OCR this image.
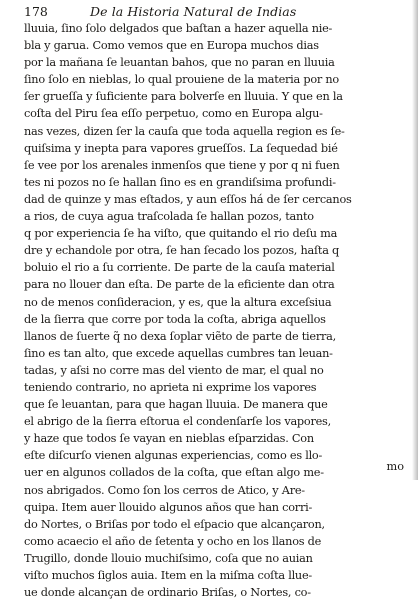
178	De la Historia Natural de Indias
lluuia, ſino ſolo delgados que baſtan a hazer aquella nie-
bla y garua. Como vemos que en Europa muchos dias
por la mañana ſe leuantan bahos, que no paran en lluuia
ſino ſolo en nieblas, lo qual prouiene de la materia por no
ſer grueſſa y ſuficiente para bolverſe en lluuia. Y que en la
coſta del Piru ſea eſſo perpetuo, como en Europa algu-
nas vezes, dizen ſer la cauſa que toda aquella region es ſe-
quiſsima y inepta para vapores grueſſos. La ſequedad bié
ſe vee por los arenales inmenſos que tiene y por q ni fuen
tes ni pozos no ſe hallan ſino es en grandiſsima profundi-
dad de quinze y mas eſtados, y aun eſſos há de ſer cercanos
a rios, de cuya agua traſcolada ſe hallan pozos, tanto
q por experiencia ſe ha viſto, que quitando el rio deſu ma
dre y echandole por otra, ſe han ſecado los pozos, haſta q
boluio el rio a ſu corriente. De parte de la cauſa material
para no llouer dan eſta. De parte de la eficiente dan otra
no de menos conſideracion, y es, que la altura exceſsiua
de la ſierra que corre por toda la coſta, abriga aquellos
llanos de ſuerte q̃ no dexa ſoplar viẽto de parte de tierra,
ſino es tan alto, que excede aquellas cumbres tan leuan-
tadas, y aſsi no corre mas del viento de mar, el qual no
teniendo contrario, no aprieta ni exprime los vapores
que ſe leuantan, para que hagan lluuia. De manera que
el abrigo de la ſierra eſtorua el condenſarſe los vapores,
y haze que todos ſe vayan en nieblas eſparzidas. Con
eſte diſcurſo vienen algunas experiencias, como es llo-
uer en algunos collados de la coſta, que eſtan algo me-
nos abrigados. Como ſon los cerros de Atico, y Are-
quipa. Item auer llouido algunos años que han corri-
do Nortes, o Briſas por todo el eſpacio que alcançaron,
como acaecio el año de ſetenta y ocho en los llanos de
Trugillo, donde llouio muchiſsimo, coſa que no auian
viſto muchos ſiglos auia. Item en la miſma coſta llue-
ue donde alcançan de ordinario Briſas, o Nortes, co-
mo
